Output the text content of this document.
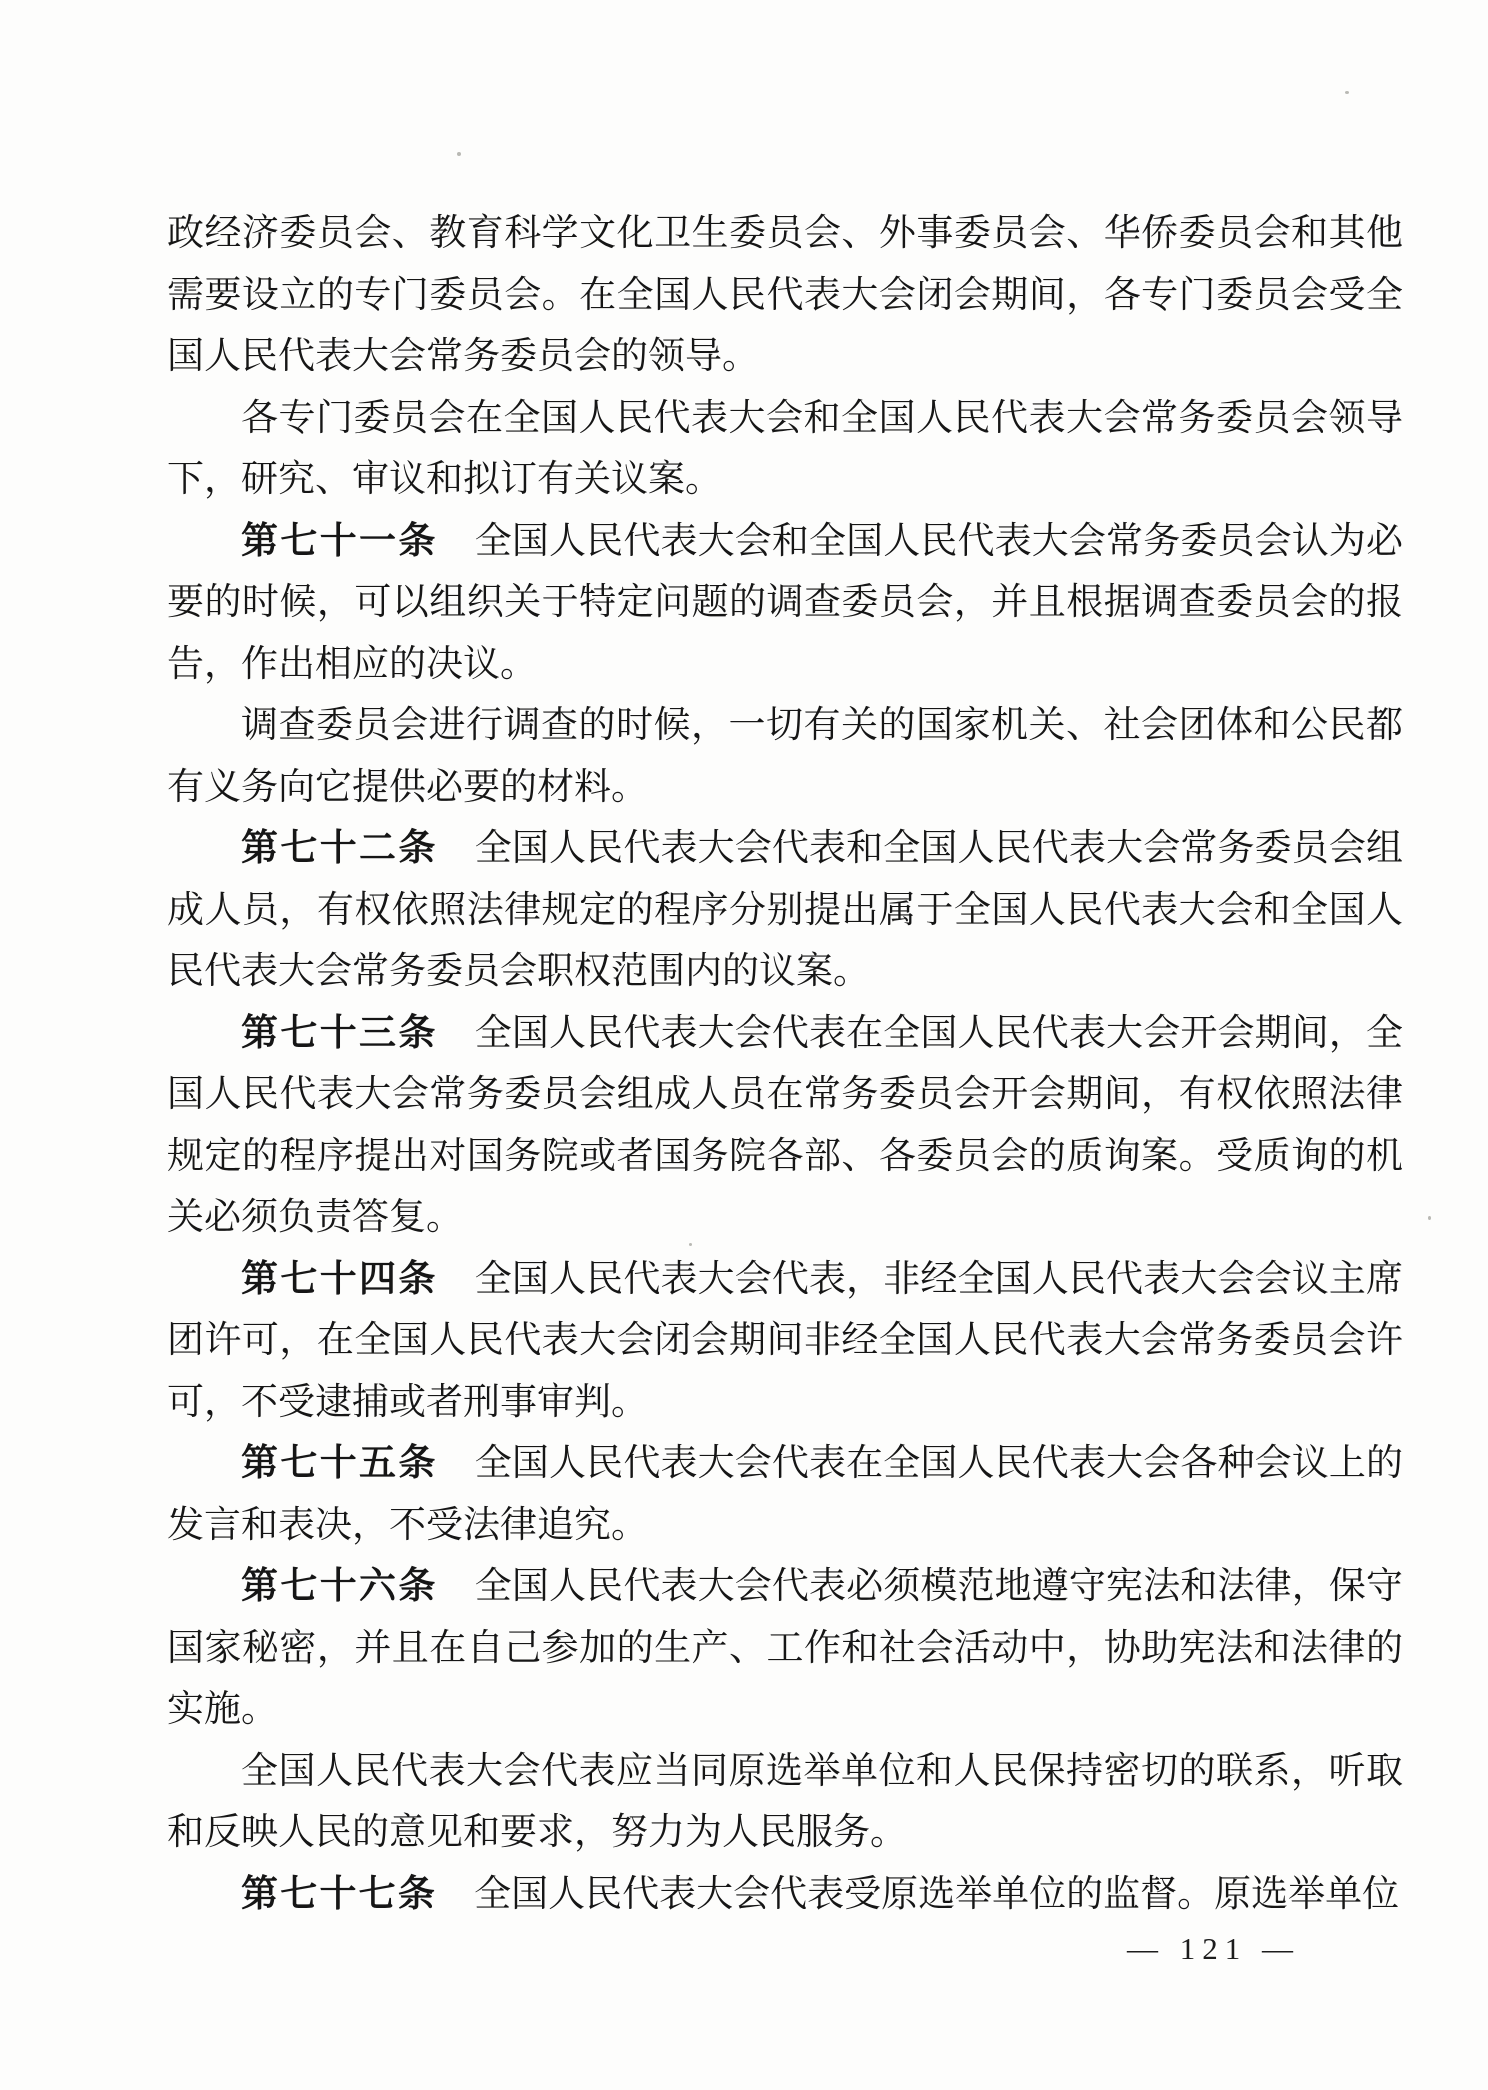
政经济委员会、教育科学文化卫生委员会、外事委员会、华侨委员会和其他需要设立的专门委员会。在全国人民代表大会闭会期间，各专门委员会受全国人民代表大会常务委员会的领导。

各专门委员会在全国人民代表大会和全国人民代表大会常务委员会领导下，研究、审议和拟订有关议案。

第七十一条 全国人民代表大会和全国人民代表大会常务委员会认为必要的时候，可以组织关于特定问题的调查委员会，并且根据调查委员会的报告，作出相应的决议。

调查委员会进行调查的时候，一切有关的国家机关、社会团体和公民都有义务向它提供必要的材料。

第七十二条 全国人民代表大会代表和全国人民代表大会常务委员会组成人员，有权依照法律规定的程序分别提出属于全国人民代表大会和全国人民代表大会常务委员会职权范围内的议案。

第七十三条 全国人民代表大会代表在全国人民代表大会开会期间，全国人民代表大会常务委员会组成人员在常务委员会开会期间，有权依照法律规定的程序提出对国务院或者国务院各部、各委员会的质询案。受质询的机关必须负责答复。

第七十四条 全国人民代表大会代表，非经全国人民代表大会会议主席团许可，在全国人民代表大会闭会期间非经全国人民代表大会常务委员会许可，不受逮捕或者刑事审判。

第七十五条 全国人民代表大会代表在全国人民代表大会各种会议上的发言和表决，不受法律追究。

第七十六条 全国人民代表大会代表必须模范地遵守宪法和法律，保守国家秘密，并且在自己参加的生产、工作和社会活动中，协助宪法和法律的实施。

全国人民代表大会代表应当同原选举单位和人民保持密切的联系，听取和反映人民的意见和要求，努力为人民服务。

第七十七条 全国人民代表大会代表受原选举单位的监督。原选举单位

— 121 —
